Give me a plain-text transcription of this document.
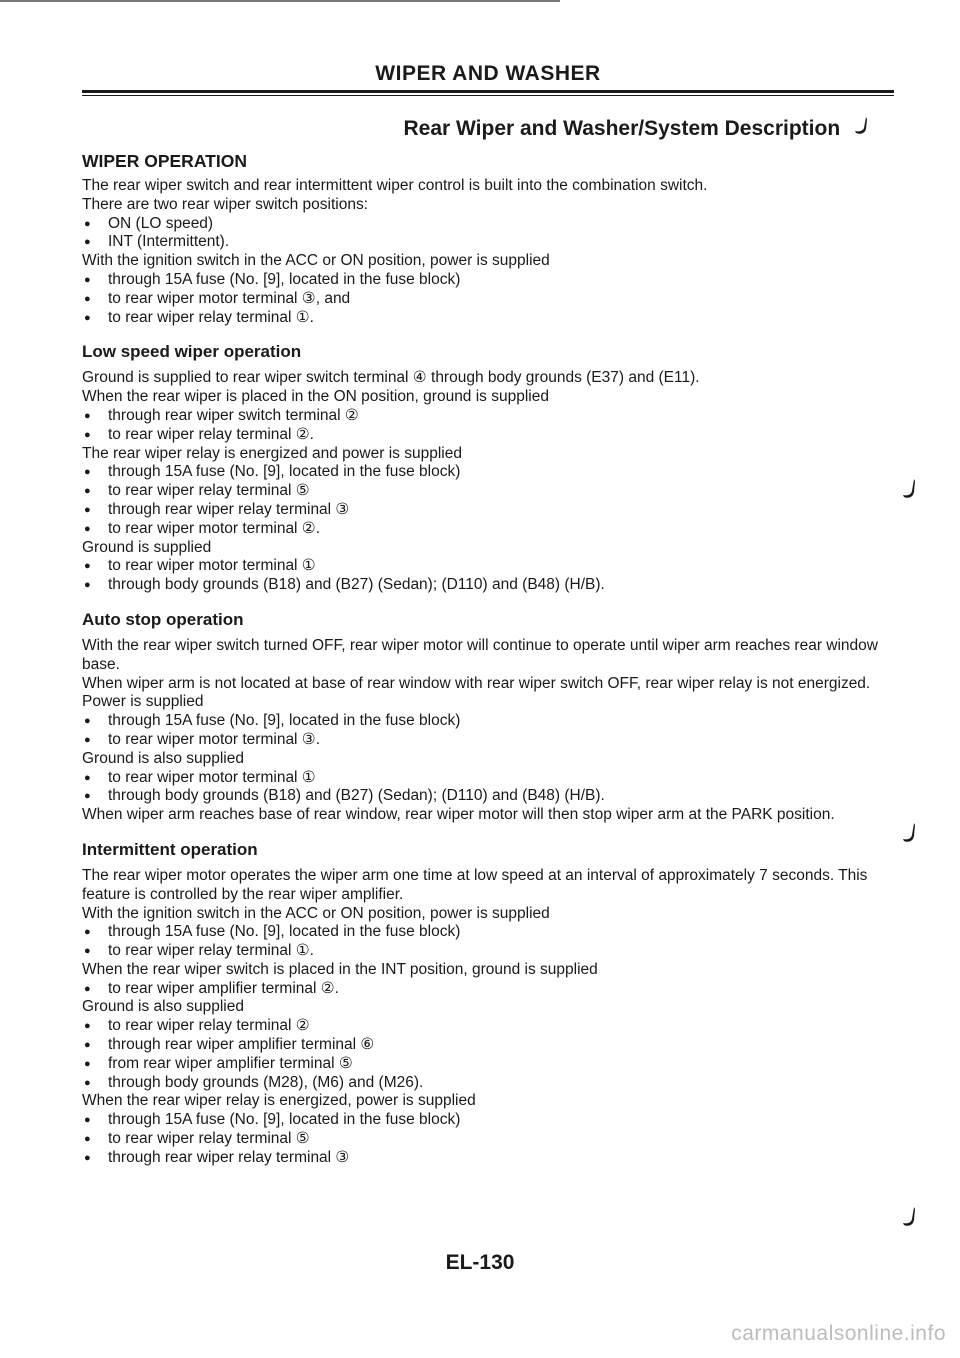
WIPER AND WASHER
Rear Wiper and Washer/System Description
WIPER OPERATION
The rear wiper switch and rear intermittent wiper control is built into the combination switch.
There are two rear wiper switch positions:
● ON (LO speed)
● INT (Intermittent).
With the ignition switch in the ACC or ON position, power is supplied
● through 15A fuse (No. [9], located in the fuse block)
● to rear wiper motor terminal ③, and
● to rear wiper relay terminal ①.
Low speed wiper operation
Ground is supplied to rear wiper switch terminal ④ through body grounds (E37) and (E11).
When the rear wiper is placed in the ON position, ground is supplied
● through rear wiper switch terminal ②
● to rear wiper relay terminal ②.
The rear wiper relay is energized and power is supplied
● through 15A fuse (No. [9], located in the fuse block)
● to rear wiper relay terminal ⑤
● through rear wiper relay terminal ③
● to rear wiper motor terminal ②.
Ground is supplied
● to rear wiper motor terminal ①
● through body grounds (B18) and (B27) (Sedan); (D110) and (B48) (H/B).
Auto stop operation
With the rear wiper switch turned OFF, rear wiper motor will continue to operate until wiper arm reaches rear window base.
When wiper arm is not located at base of rear window with rear wiper switch OFF, rear wiper relay is not energized.
Power is supplied
● through 15A fuse (No. [9], located in the fuse block)
● to rear wiper motor terminal ③.
Ground is also supplied
● to rear wiper motor terminal ①
● through body grounds (B18) and (B27) (Sedan); (D110) and (B48) (H/B).
When wiper arm reaches base of rear window, rear wiper motor will then stop wiper arm at the PARK position.
Intermittent operation
The rear wiper motor operates the wiper arm one time at low speed at an interval of approximately 7 seconds. This feature is controlled by the rear wiper amplifier.
With the ignition switch in the ACC or ON position, power is supplied
● through 15A fuse (No. [9], located in the fuse block)
● to rear wiper relay terminal ①.
When the rear wiper switch is placed in the INT position, ground is supplied
● to rear wiper amplifier terminal ②.
Ground is also supplied
● to rear wiper relay terminal ②
● through rear wiper amplifier terminal ⑥
● from rear wiper amplifier terminal ⑤
● through body grounds (M28), (M6) and (M26).
When the rear wiper relay is energized, power is supplied
● through 15A fuse (No. [9], located in the fuse block)
● to rear wiper relay terminal ⑤
● through rear wiper relay terminal ③
EL-130
carmanualsonline.info
